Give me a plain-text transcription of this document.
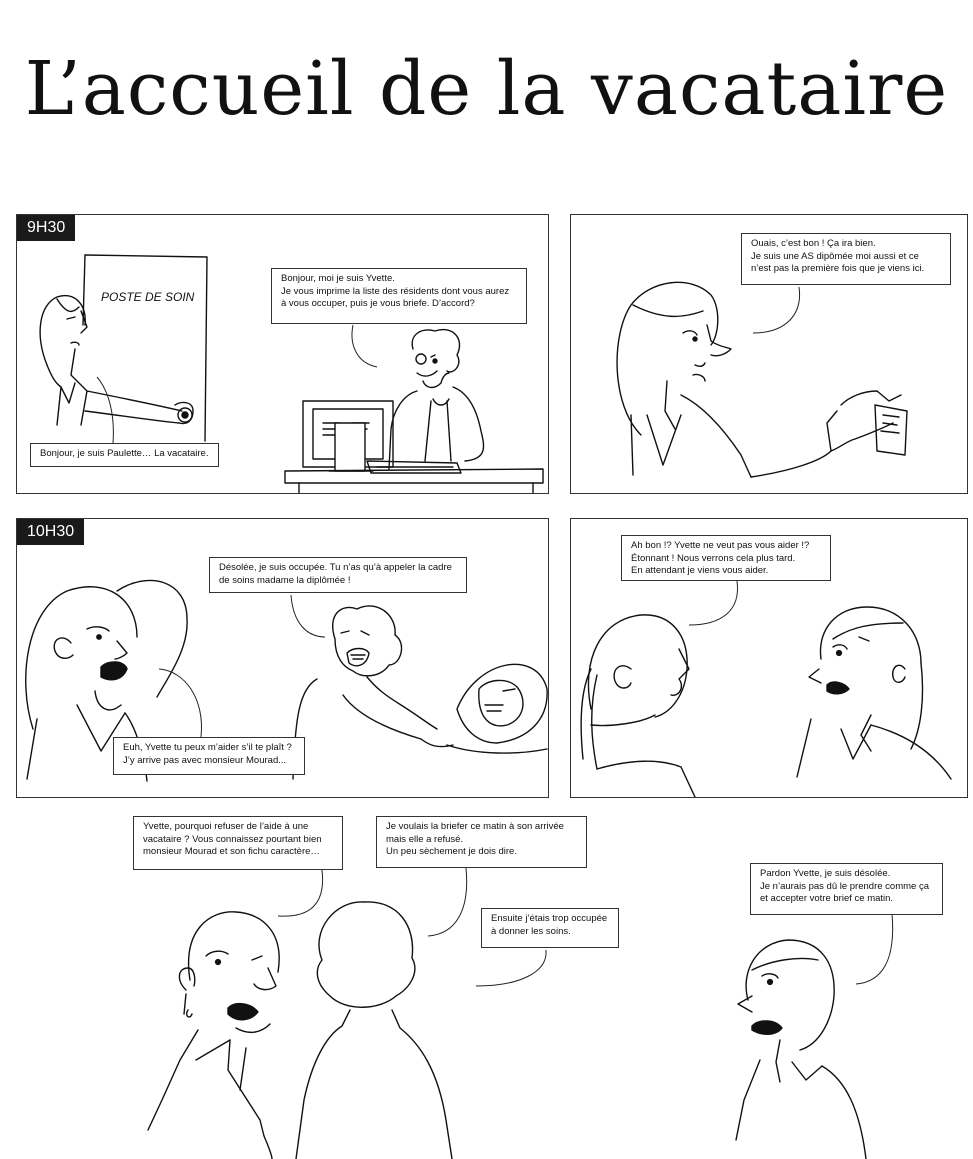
L’accueil de la vacataire
9H30
POSTE DE SOIN
Bonjour, moi je suis Yvette.
Je vous imprime la liste des résidents dont vous aurez
à vous occuper, puis je vous briefe. D’accord?
Bonjour, je suis Paulette… La vacataire.
Ouais, c’est bon ! Ça ira bien.
Je suis une AS dipômée moi aussi et ce
n’est pas la première fois que je viens ici.
10H30
Désolée, je suis occupée. Tu n’as qu’à appeler la cadre
de soins madame la diplômée !
Euh, Yvette tu peux m’aider s’il te plaît ?
J’y arrive pas avec monsieur Mourad...
Ah bon !? Yvette ne veut pas vous aider !?
Étonnant ! Nous verrons cela plus tard.
En attendant je viens vous aider.
Yvette, pourquoi refuser de l’aide à une
vacataire ? Vous connaissez pourtant bien
monsieur Mourad et son fichu caractère…
Je voulais la briefer ce matin à son arrivée
mais elle a refusé.
Un peu sèchement je dois dire.
Ensuite j’étais trop occupée
à donner les soins.
Pardon Yvette, je suis désolée.
Je n’aurais pas dû le prendre comme ça
et accepter votre brief ce matin.
